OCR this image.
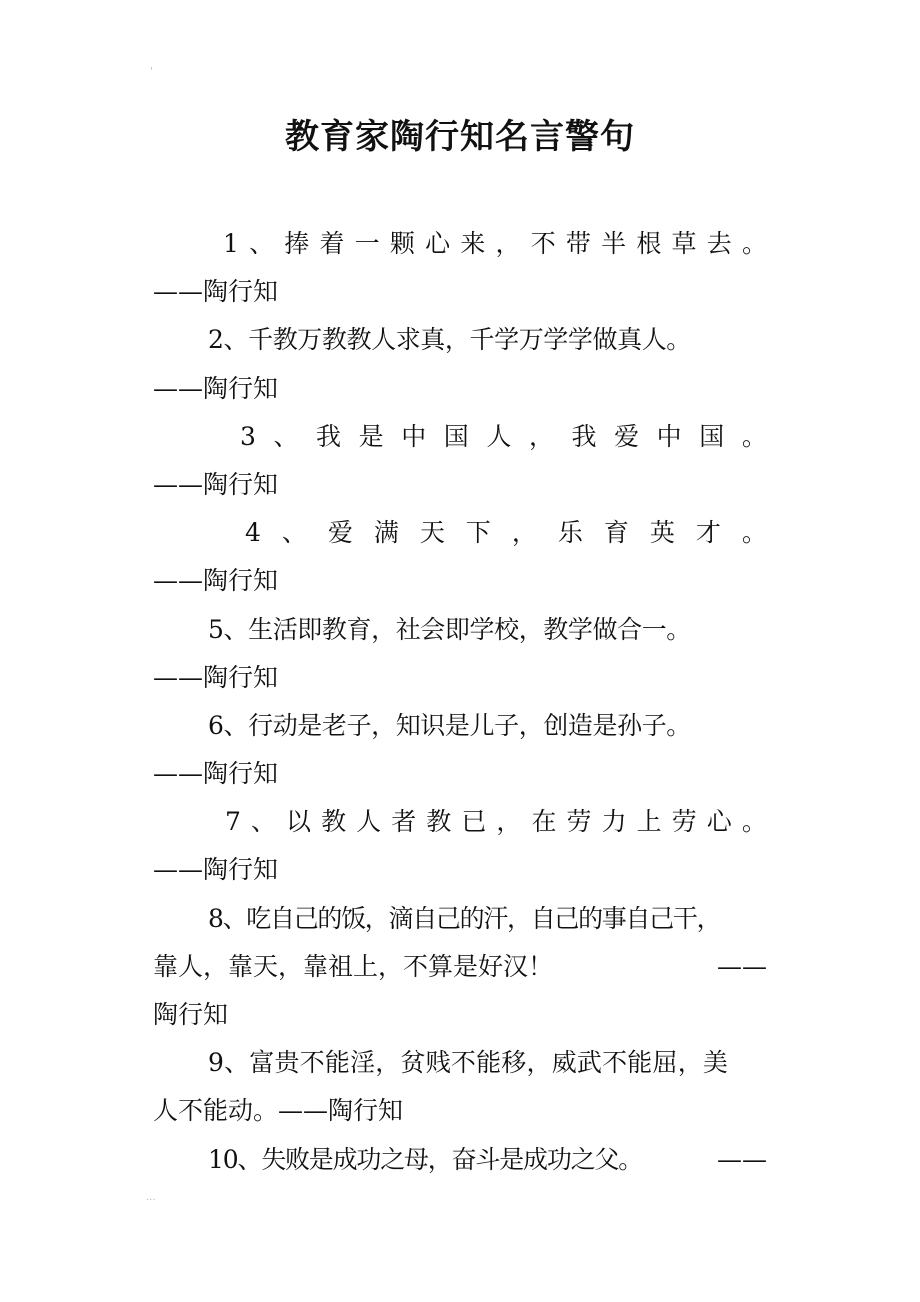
'
...
教育家陶行知名言警句
1 、 捧 着 一 颗 心 来 ， 不 带 半 根 草 去 。
——陶行知
2、千教万教教人求真，千学万学学做真人。
——陶行知
3 、 我 是 中 国 人 ， 我 爱 中 国 。
——陶行知
4 、 爱 满 天 下 ， 乐 育 英 才 。
——陶行知
5、生活即教育，社会即学校，教学做合一。
——陶行知
6、行动是老子，知识是儿子，创造是孙子。
——陶行知
7 、 以 教 人 者 教 已 ， 在 劳 力 上 劳 心 。
——陶行知
8、吃自己的饭，滴自己的汗，自己的事自己干，
靠人，靠天，靠祖上，不算是好汉！	——
陶行知
9、富贵不能淫，贫贱不能移，威武不能屈，美
人不能动。——陶行知
10、失败是成功之母，奋斗是成功之父。	——
